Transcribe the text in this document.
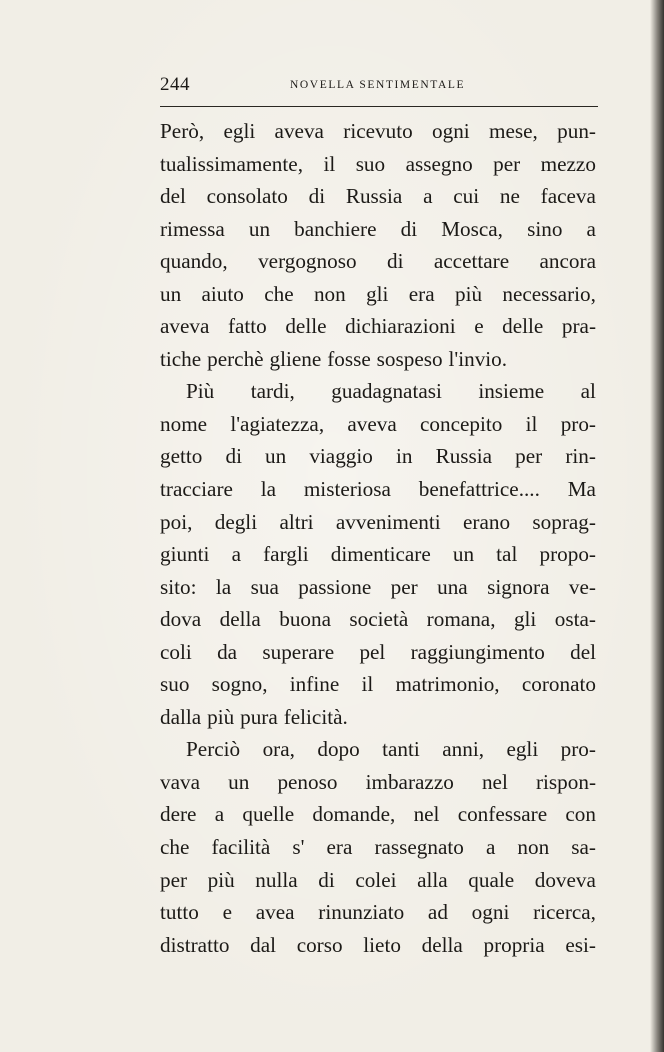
244	NOVELLA SENTIMENTALE
Però, egli aveva ricevuto ogni mese, pun-
tualissimamente, il suo assegno per mezzo
del consolato di Russia a cui ne faceva
rimessa un banchiere di Mosca, sino a
quando, vergognoso di accettare ancora
un aiuto che non gli era più necessario,
aveva fatto delle dichiarazioni e delle pra-
tiche perchè gliene fosse sospeso l'invio.
Più tardi, guadagnatasi insieme al
nome l'agiatezza, aveva concepito il pro-
getto di un viaggio in Russia per rin-
tracciare la misteriosa benefattrice.... Ma
poi, degli altri avvenimenti erano soprag-
giunti a fargli dimenticare un tal propo-
sito: la sua passione per una signora ve-
dova della buona società romana, gli osta-
coli da superare pel raggiungimento del
suo sogno, infine il matrimonio, coronato
dalla più pura felicità.
Perciò ora, dopo tanti anni, egli pro-
vava un penoso imbarazzo nel rispon-
dere a quelle domande, nel confessare con
che facilità s' era rassegnato a non sa-
per più nulla di colei alla quale doveva
tutto e avea rinunziato ad ogni ricerca,
distratto dal corso lieto della propria esi-
